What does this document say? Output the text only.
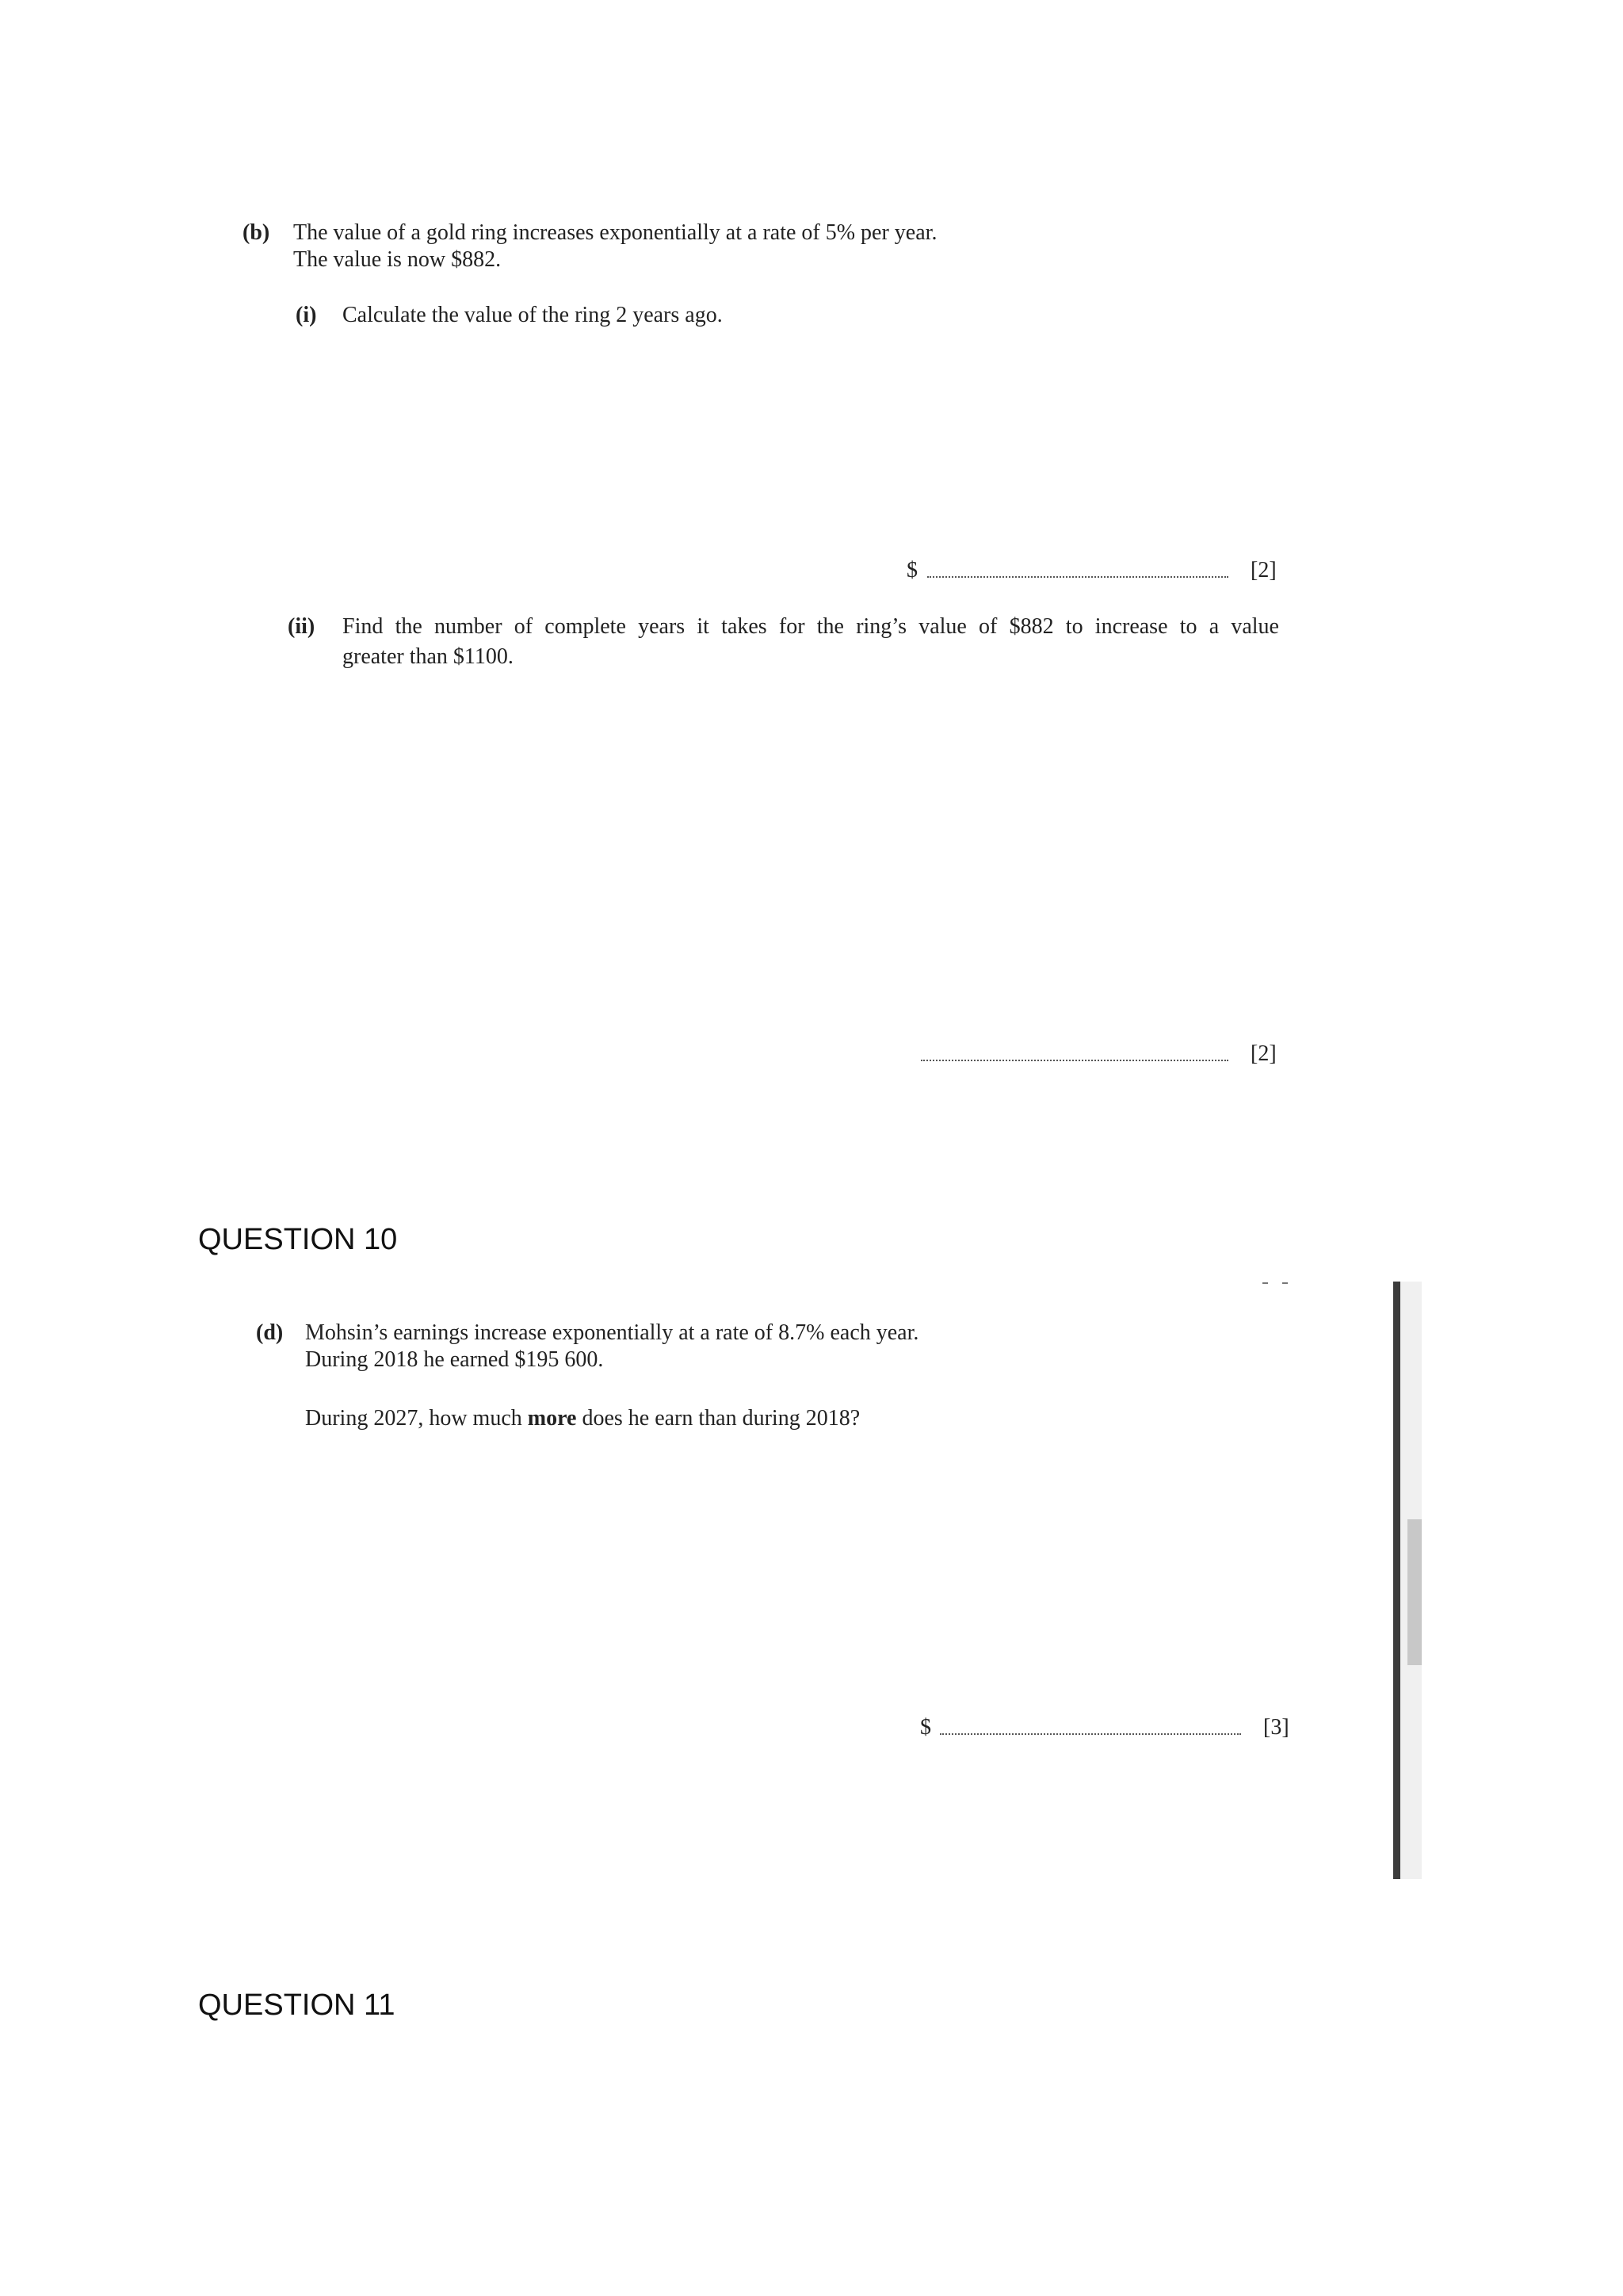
(b) The value of a gold ring increases exponentially at a rate of 5% per year.
The value is now $882.
(i) Calculate the value of the ring 2 years ago.
$	[2]
(ii) Find the number of complete years it takes for the ring’s value of $882 to increase to a value
greater than $1100.
[2]
QUESTION 10
(d) Mohsin’s earnings increase exponentially at a rate of 8.7% each year.
During 2018 he earned $195 600.
During 2027, how much more does he earn than during 2018?
$	[3]
QUESTION 11
